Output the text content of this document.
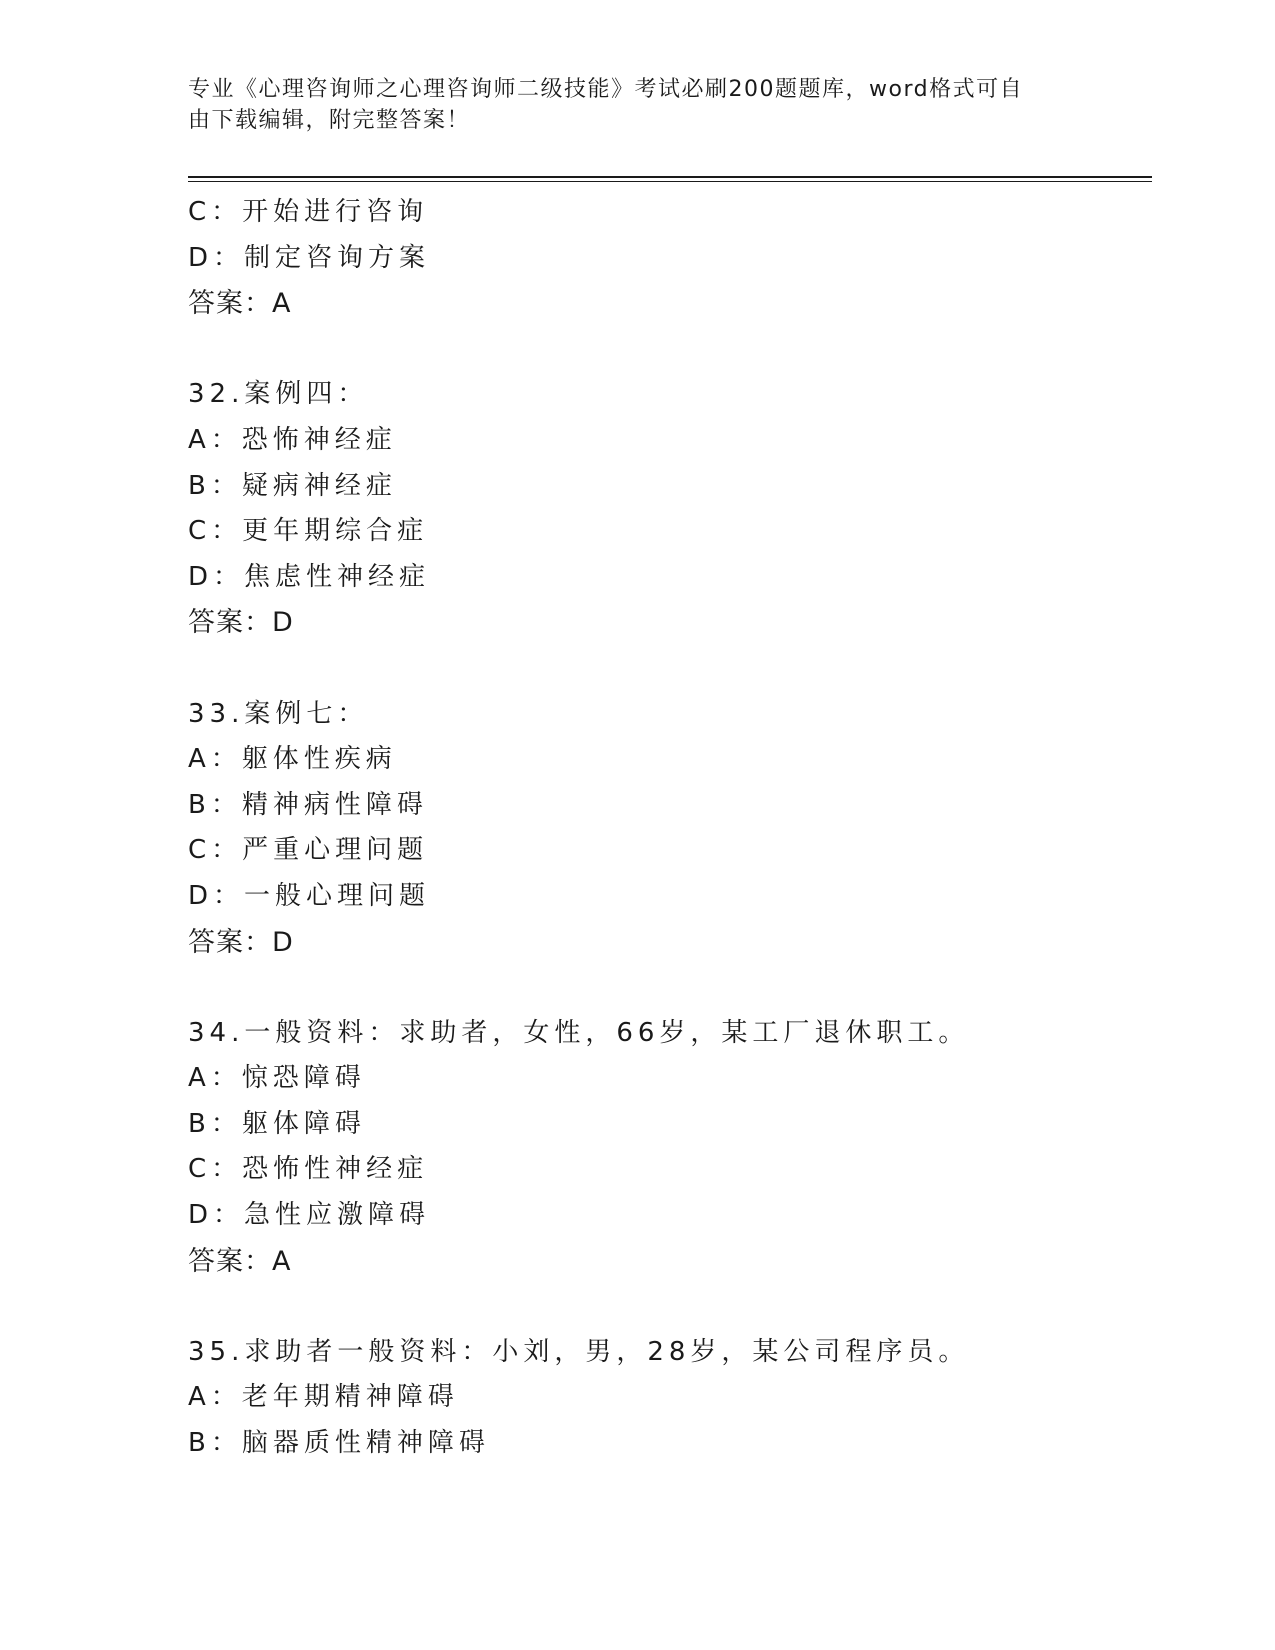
专业《心理咨询师之心理咨询师二级技能》考试必刷200题题库，word格式可自
由下载编辑，附完整答案！
C：开始进行咨询
D：制定咨询方案
答案：A
32.案例四：
A：恐怖神经症
B：疑病神经症
C：更年期综合症
D：焦虑性神经症
答案：D
33.案例七：
A：躯体性疾病
B：精神病性障碍
C：严重心理问题
D：一般心理问题
答案：D
34.一般资料：求助者，女性，66岁，某工厂退休职工。
A：惊恐障碍
B：躯体障碍
C：恐怖性神经症
D：急性应激障碍
答案：A
35.求助者一般资料：小刘，男，28岁，某公司程序员。
A：老年期精神障碍
B：脑器质性精神障碍
